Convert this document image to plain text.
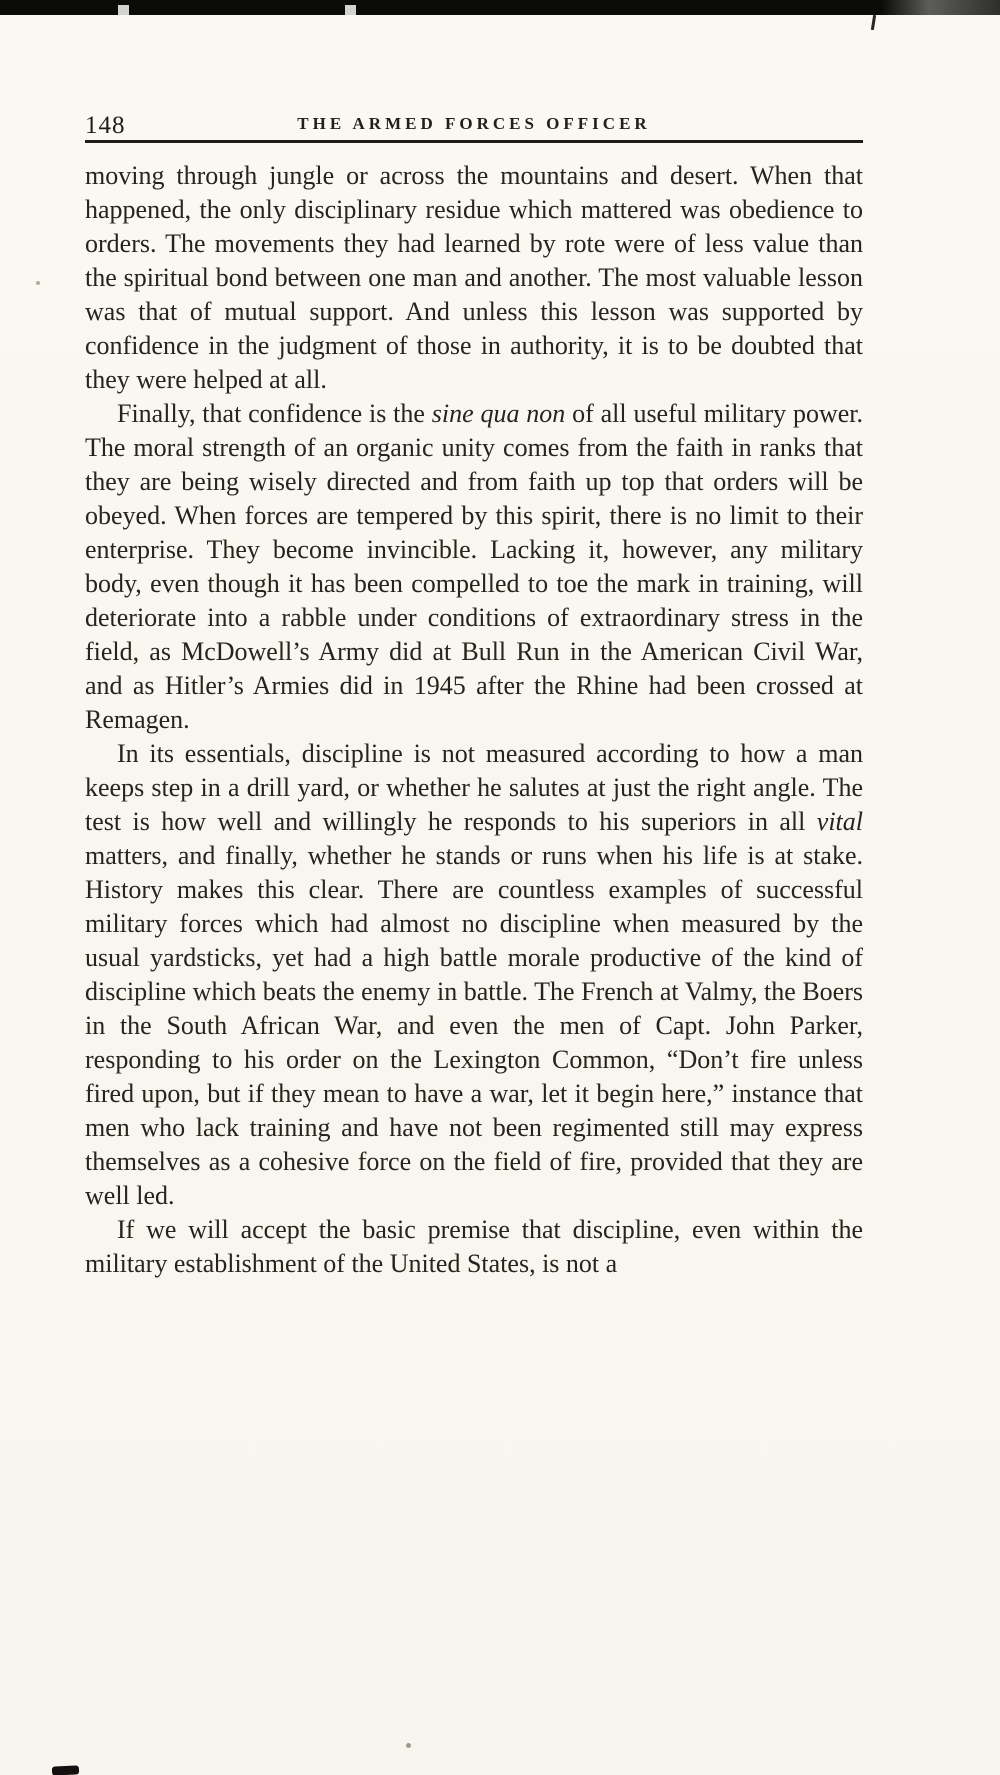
148	THE ARMED FORCES OFFICER

moving through jungle or across the mountains and desert. When that happened, the only disciplinary residue which mattered was obedience to orders. The movements they had learned by rote were of less value than the spiritual bond between one man and another. The most valuable lesson was that of mutual support. And unless this lesson was supported by confidence in the judgment of those in authority, it is to be doubted that they were helped at all.

Finally, that confidence is the sine qua non of all useful military power. The moral strength of an organic unity comes from the faith in ranks that they are being wisely directed and from faith up top that orders will be obeyed. When forces are tempered by this spirit, there is no limit to their enterprise. They become invincible. Lacking it, however, any military body, even though it has been compelled to toe the mark in training, will deteriorate into a rabble under conditions of extraordinary stress in the field, as McDowell’s Army did at Bull Run in the American Civil War, and as Hitler’s Armies did in 1945 after the Rhine had been crossed at Remagen.

In its essentials, discipline is not measured according to how a man keeps step in a drill yard, or whether he salutes at just the right angle. The test is how well and willingly he responds to his superiors in all vital matters, and finally, whether he stands or runs when his life is at stake. History makes this clear. There are countless examples of successful military forces which had almost no discipline when measured by the usual yardsticks, yet had a high battle morale productive of the kind of discipline which beats the enemy in battle. The French at Valmy, the Boers in the South African War, and even the men of Capt. John Parker, responding to his order on the Lexington Common, “Don’t fire unless fired upon, but if they mean to have a war, let it begin here,” instance that men who lack training and have not been regimented still may express themselves as a cohesive force on the field of fire, provided that they are well led.

If we will accept the basic premise that discipline, even within the military establishment of the United States, is not a
